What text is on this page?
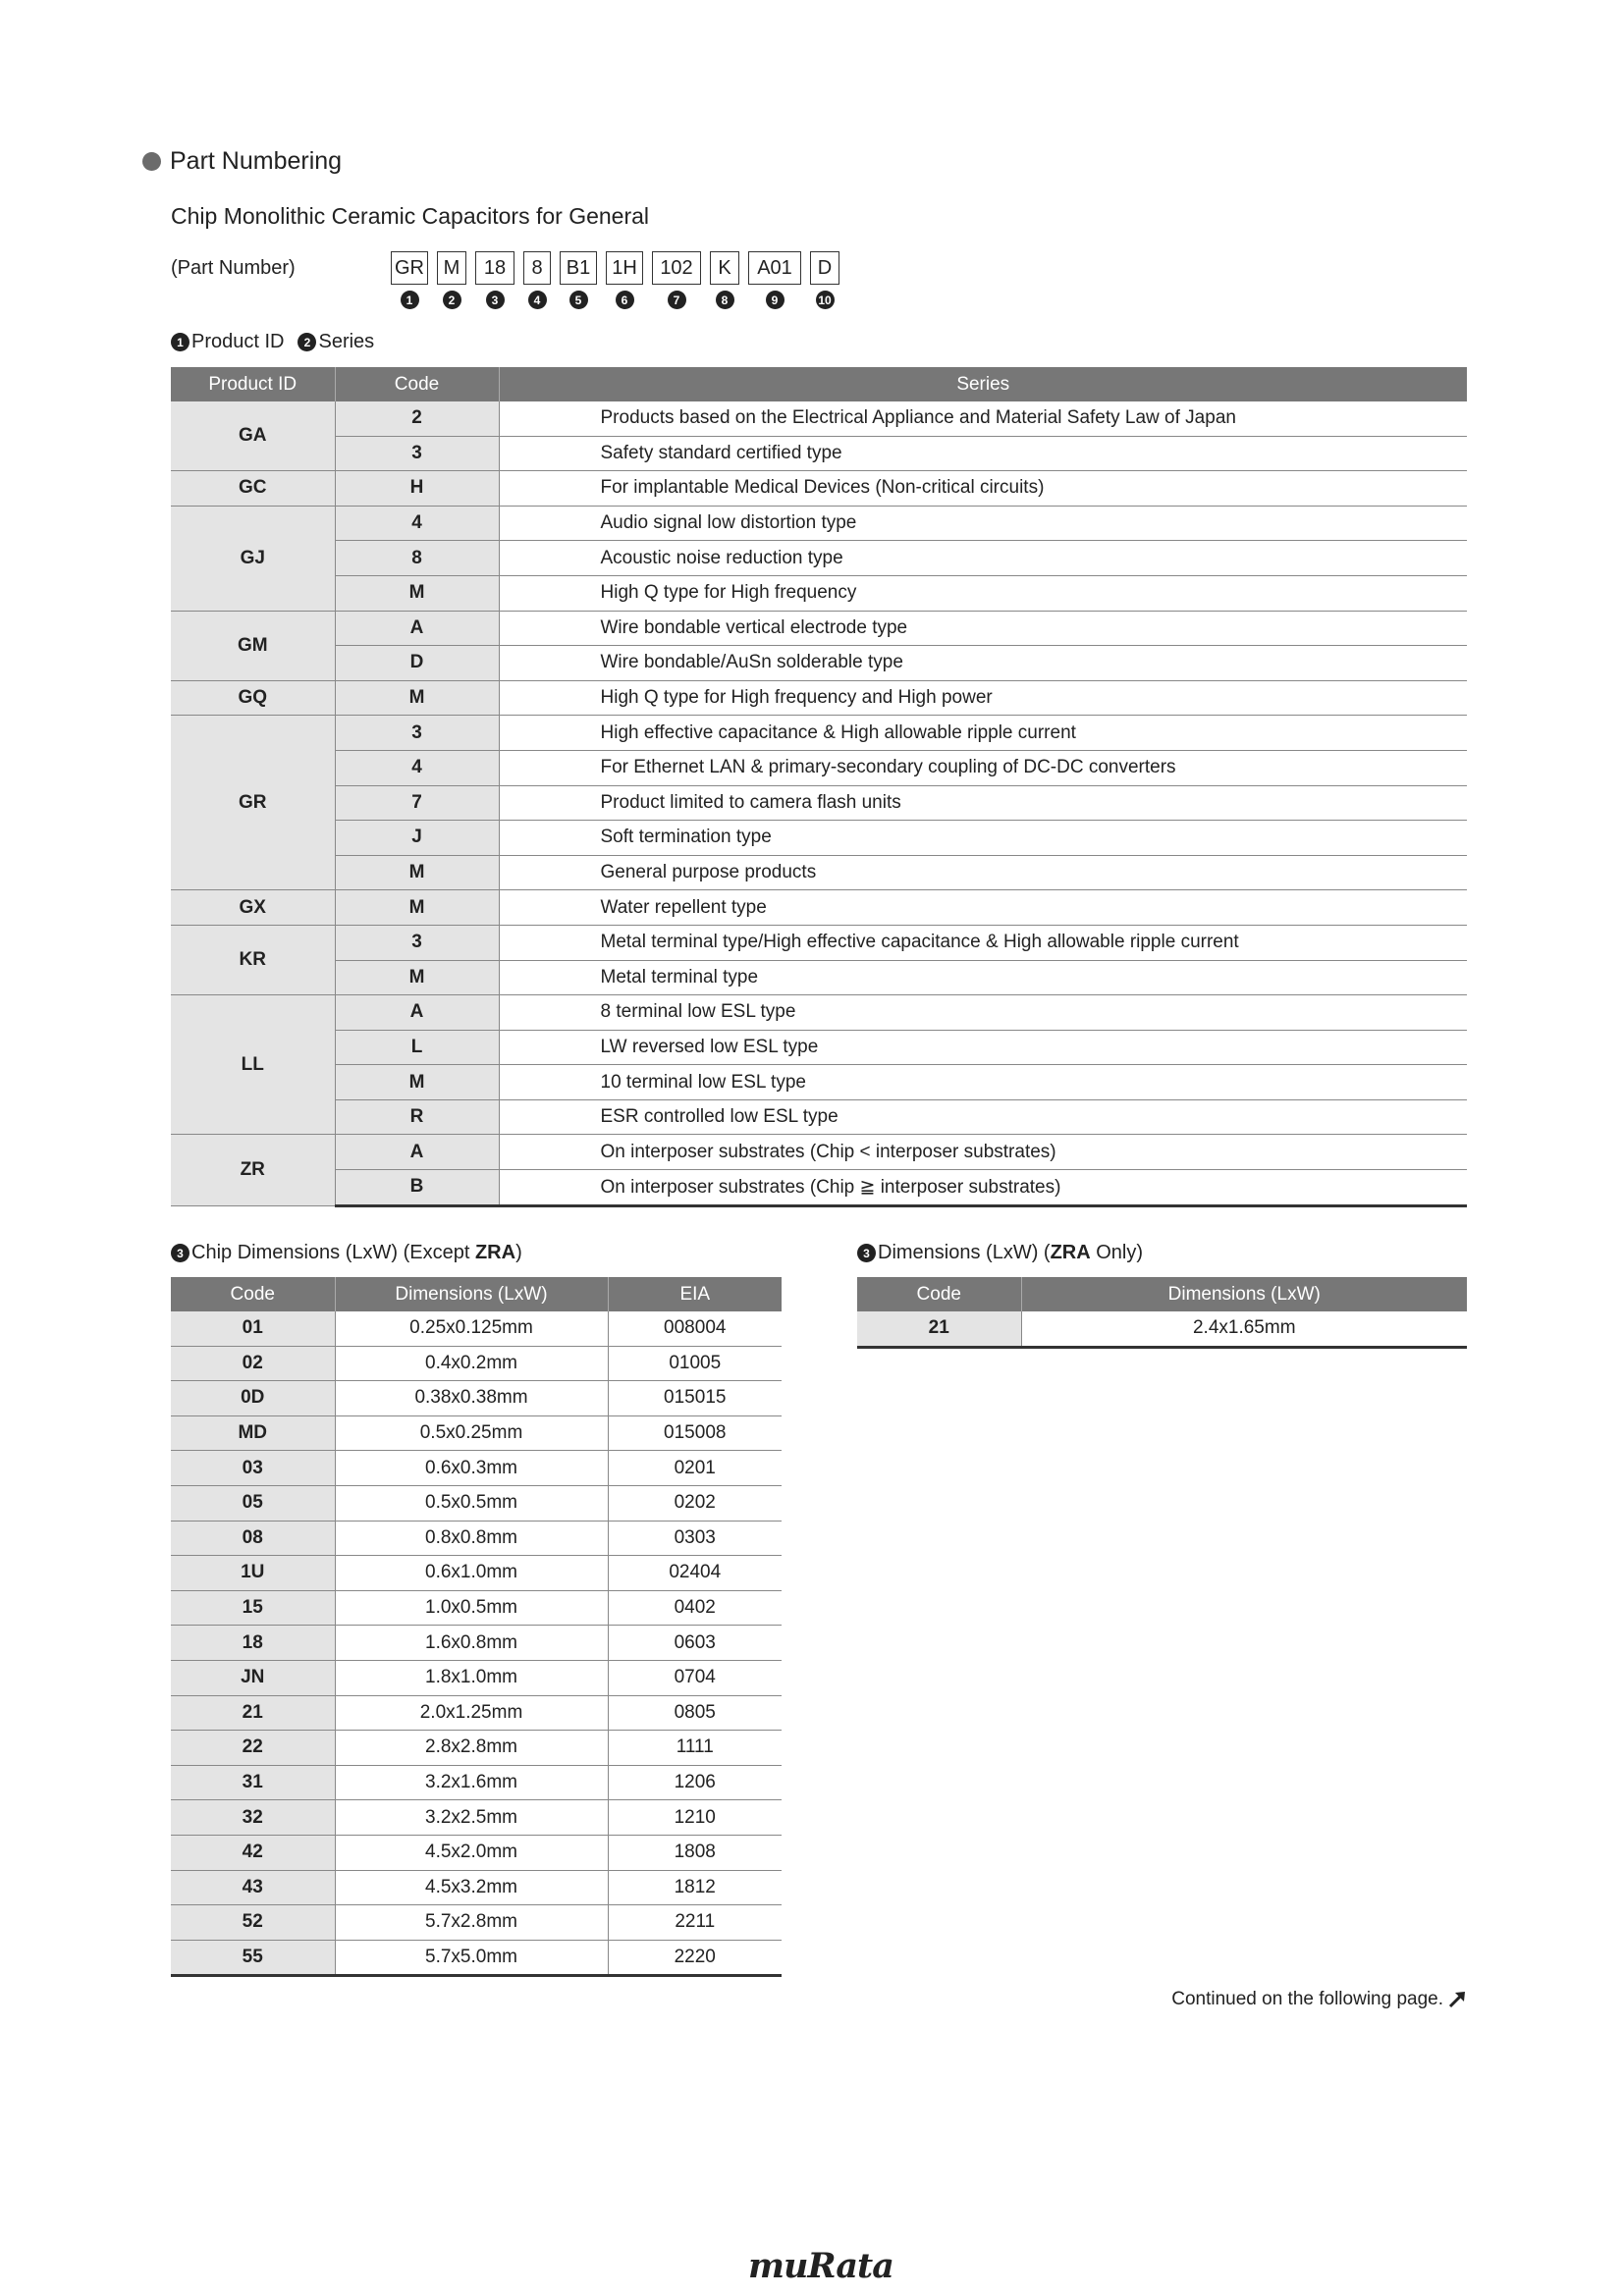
Part Numbering
Chip Monolithic Ceramic Capacitors for General
(Part Number)	GR
1
M
2
18
3
8
4
B1
5
1H
6
102
7
K
8
A01
9
D
10
1 Product ID 2 Series
Product ID	Code	Series
GA	2	Products based on the Electrical Appliance and Material Safety Law of Japan
	3	Safety standard certified type
GC	H	For implantable Medical Devices (Non-critical circuits)
GJ	4	Audio signal low distortion type
	8	Acoustic noise reduction type
	M	High Q type for High frequency
GM	A	Wire bondable vertical electrode type
	D	Wire bondable/AuSn solderable type
GQ	M	High Q type for High frequency and High power
GR	3	High effective capacitance & High allowable ripple current
	4	For Ethernet LAN & primary-secondary coupling of DC-DC converters
	7	Product limited to camera flash units
	J	Soft termination type
	M	General purpose products
GX	M	Water repellent type
KR	3	Metal terminal type/High effective capacitance & High allowable ripple current
	M	Metal terminal type
LL	A	8 terminal low ESL type
	L	LW reversed low ESL type
	M	10 terminal low ESL type
	R	ESR controlled low ESL type
ZR	A	On interposer substrates (Chip < interposer substrates)
	B	On interposer substrates (Chip ≧ interposer substrates)
3 Chip Dimensions (LxW) (Except ZRA)	3 Dimensions (LxW) (ZRA Only)
Code	Dimensions (LxW)	EIA
01	0.25x0.125mm	008004
02	0.4x0.2mm	01005
0D	0.38x0.38mm	015015
MD	0.5x0.25mm	015008
03	0.6x0.3mm	0201
05	0.5x0.5mm	0202
08	0.8x0.8mm	0303
1U	0.6x1.0mm	02404
15	1.0x0.5mm	0402
18	1.6x0.8mm	0603
JN	1.8x1.0mm	0704
21	2.0x1.25mm	0805
22	2.8x2.8mm	1111
31	3.2x1.6mm	1206
32	3.2x2.5mm	1210
42	4.5x2.0mm	1808
43	4.5x3.2mm	1812
52	5.7x2.8mm	2211
55	5.7x5.0mm	2220
Code	Dimensions (LxW)
21	2.4x1.65mm
Continued on the following page.
muRata
